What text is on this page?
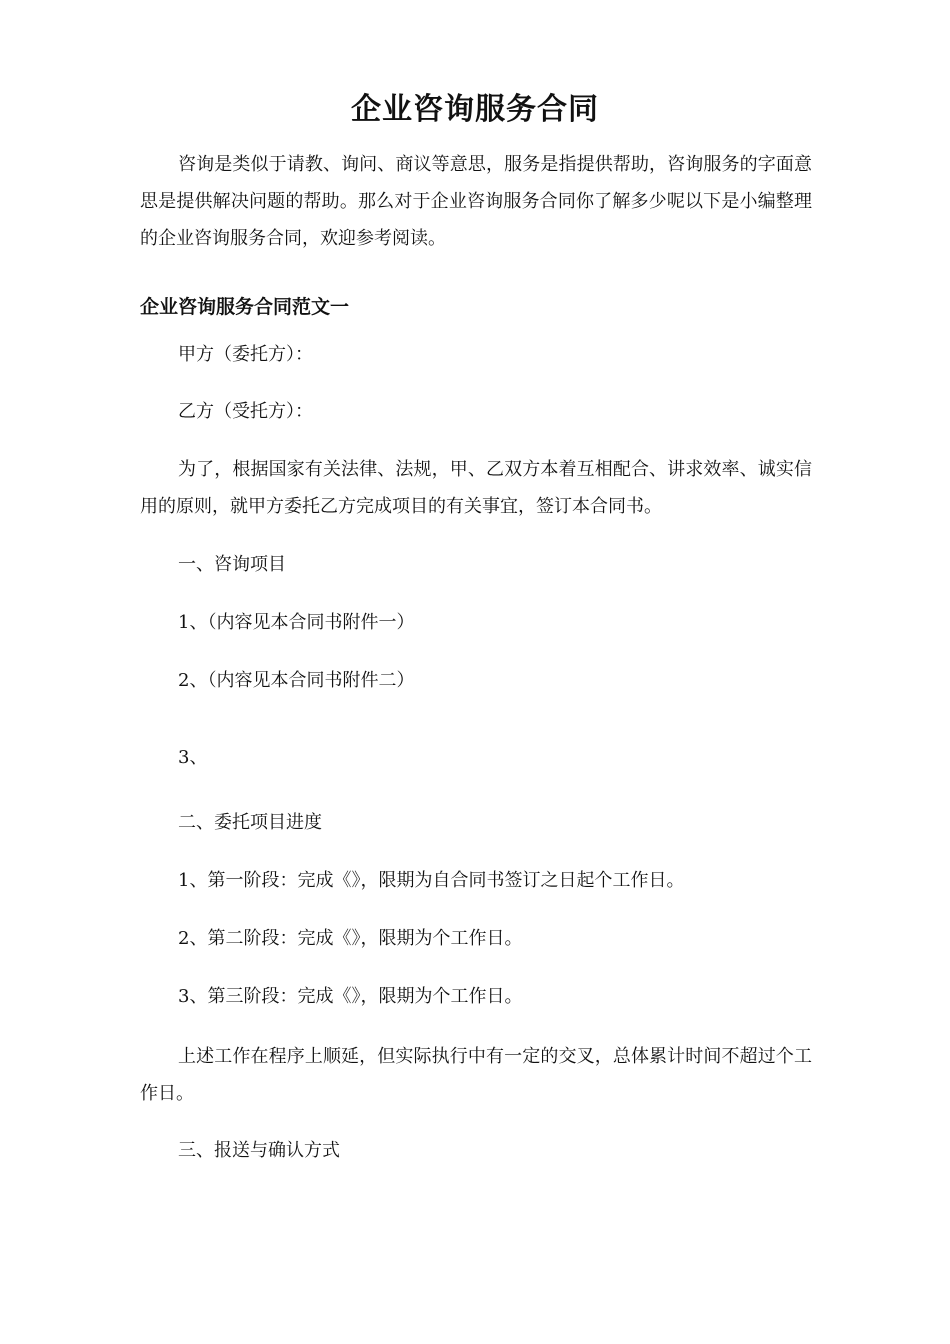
企业咨询服务合同

咨询是类似于请教、询问、商议等意思，服务是指提供帮助，咨询服务的字面意思是提供解决问题的帮助。那么对于企业咨询服务合同你了解多少呢以下是小编整理的企业咨询服务合同，欢迎参考阅读。

企业咨询服务合同范文一

甲方（委托方）：

乙方（受托方）：

为了，根据国家有关法律、法规，甲、乙双方本着互相配合、讲求效率、诚实信用的原则，就甲方委托乙方完成项目的有关事宜，签订本合同书。

一、咨询项目

1、（内容见本合同书附件一）

2、（内容见本合同书附件二）

3、

二、委托项目进度

1、第一阶段：完成《》，限期为自合同书签订之日起个工作日。

2、第二阶段：完成《》，限期为个工作日。

3、第三阶段：完成《》，限期为个工作日。

上述工作在程序上顺延，但实际执行中有一定的交叉，总体累计时间不超过个工作日。

三、报送与确认方式
